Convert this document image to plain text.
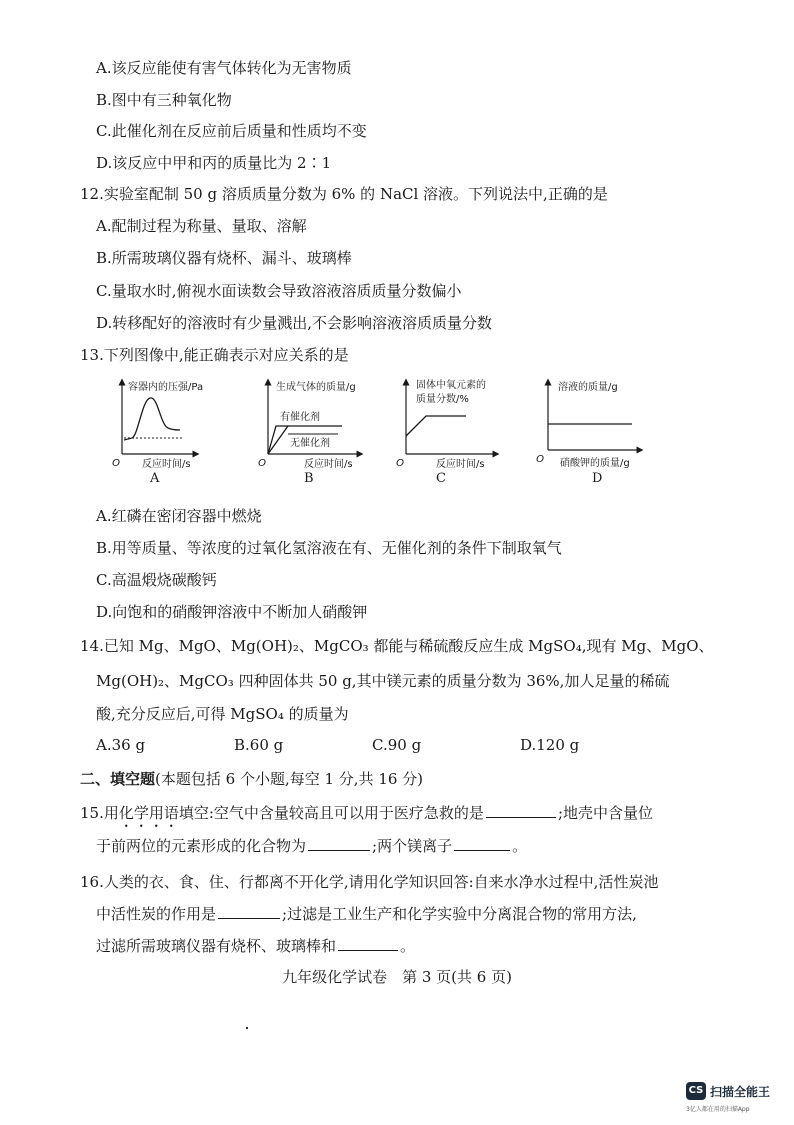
A.该反应能使有害气体转化为无害物质
B.图中有三种氧化物
C.此催化剂在反应前后质量和性质均不变
D.该反应中甲和丙的质量比为 2∶1
12.实验室配制 50 g 溶质质量分数为 6% 的 NaCl 溶液。下列说法中,正确的是
A.配制过程为称量、量取、溶解
B.所需玻璃仪器有烧杯、漏斗、玻璃棒
C.量取水时,俯视水面读数会导致溶液溶质质量分数偏小
D.转移配好的溶液时有少量溅出,不会影响溶液溶质质量分数
13.下列图像中,能正确表示对应关系的是
容器内的压强/Pa
O 反应时间/s
A
生成气体的质量/g
O	反应时间/s
有催化剂
无催化剂
B
固体中氧元素的
质量分数/%
O	反应时间/s
C
溶液的质量/g
O 硝酸钾的质量/g
D
A.红磷在密闭容器中燃烧
B.用等质量、等浓度的过氧化氢溶液在有、无催化剂的条件下制取氧气
C.高温煅烧碳酸钙
D.向饱和的硝酸钾溶液中不断加人硝酸钾
14.已知 Mg、MgO、Mg(OH)₂、MgCO₃ 都能与稀硫酸反应生成 MgSO₄,现有 Mg、MgO、
Mg(OH)₂、MgCO₃ 四种固体共 50 g,其中镁元素的质量分数为 36%,加人足量的稀硫
酸,充分反应后,可得 MgSO₄ 的质量为
A.36 g	B.60 g	C.90 g	D.120 g
二、填空题(本题包括 6 个小题,每空 1 分,共 16 分)
15.用化学用语填空:空气中含量较高且可以用于医疗急救的是	;地壳中含量位
于前两位的元素形成的化合物为	;两个镁离子	。
16.人类的衣、食、住、行都离不开化学,请用化学知识回答:自来水净水过程中,活性炭池
中活性炭的作用是	;过滤是工业生产和化学实验中分离混合物的常用方法,
过滤所需玻璃仪器有烧杯、玻璃棒和	。
九年级化学试卷　第 3 页(共 6 页)
CS 扫描全能王
3亿人都在用的扫描App
